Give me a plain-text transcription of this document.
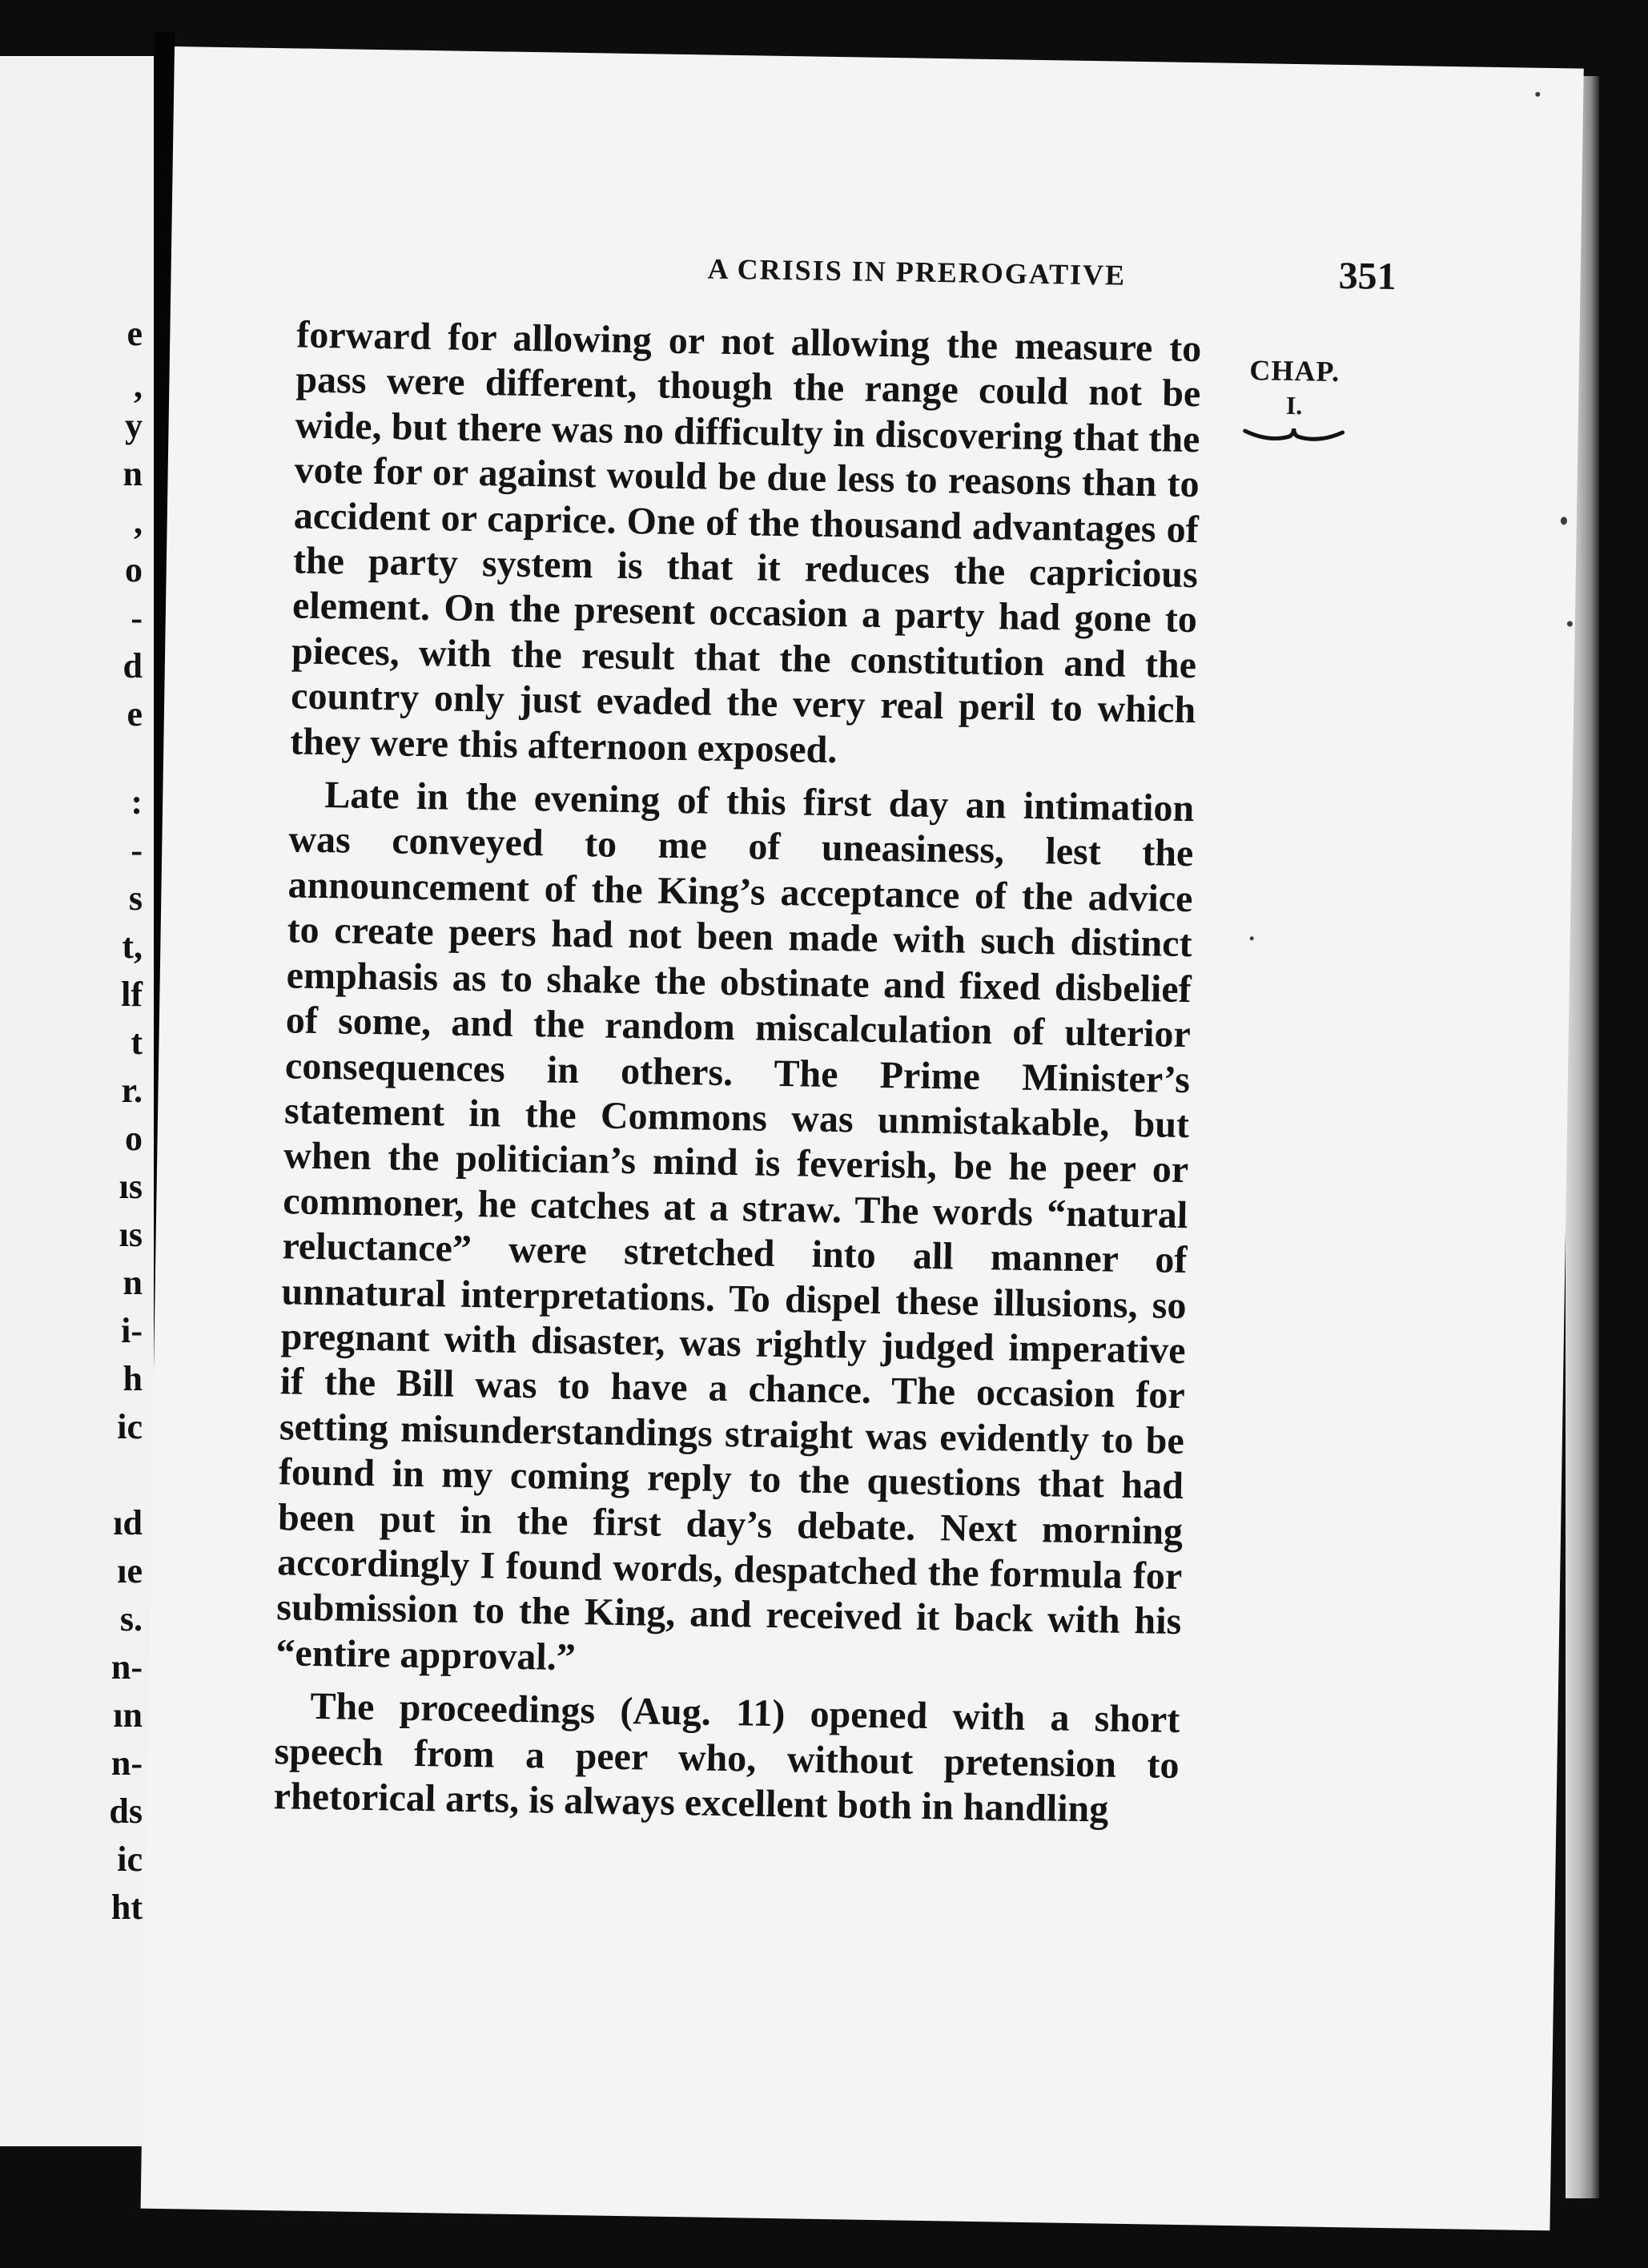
e
,
y
n
,
o
-
d
e
:
-
s
t,
lf
t
r.
o
ıs
ıs
n
i-
h
ic
ıd
ıe
s.
n-
ın
n-
ds
ic
ht
A CRISIS IN PREROGATIVE	351
CHAP.
I.

forward for allowing or not allowing the measure to pass were different, though the range could not be wide, but there was no difficulty in discovering that the vote for or against would be due less to reasons than to accident or caprice. One of the thousand advantages of the party system is that it reduces the capricious element. On the present occasion a party had gone to pieces, with the result that the constitution and the country only just evaded the very real peril to which they were this afternoon exposed.

Late in the evening of this first day an intimation was conveyed to me of uneasiness, lest the announcement of the King’s acceptance of the advice to create peers had not been made with such distinct emphasis as to shake the obstinate and fixed disbelief of some, and the random miscalculation of ulterior consequences in others. The Prime Minister’s statement in the Commons was unmistakable, but when the politician’s mind is feverish, be he peer or commoner, he catches at a straw. The words “natural reluctance” were stretched into all manner of unnatural interpretations. To dispel these illusions, so pregnant with disaster, was rightly judged imperative if the Bill was to have a chance. The occasion for setting misunderstandings straight was evidently to be found in my coming reply to the questions that had been put in the first day’s debate. Next morning accordingly I found words, despatched the formula for submission to the King, and received it back with his “entire approval.”

The proceedings (Aug. 11) opened with a short speech from a peer who, without pretension to rhetorical arts, is always excellent both in handling
